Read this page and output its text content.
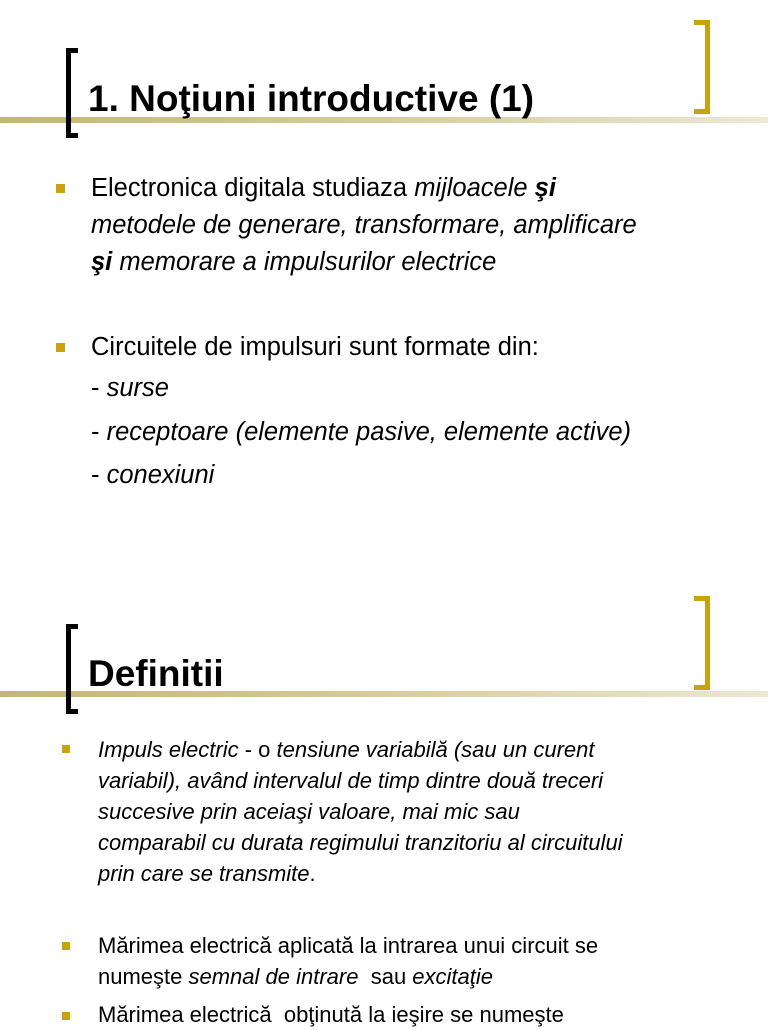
1. Noţiuni introductive (1)
Electronica digitala studiaza mijloacele şi
metodele de generare, transformare, amplificare
şi memorare a impulsurilor electrice
Circuitele de impulsuri sunt formate din:
- surse
- receptoare (elemente pasive, elemente active)
- conexiuni
Definitii
Impuls electric - o tensiune variabilă (sau un curent
variabil), având intervalul de timp dintre două treceri
succesive prin aceiaşi valoare, mai mic sau
comparabil cu durata regimului tranzitoriu al circuitului
prin care se transmite.
Mărimea electrică aplicată la intrarea unui circuit se
numeşte semnal de intrare  sau excitaţie
Mărimea electrică  obţinută la ieşire se numeşte
